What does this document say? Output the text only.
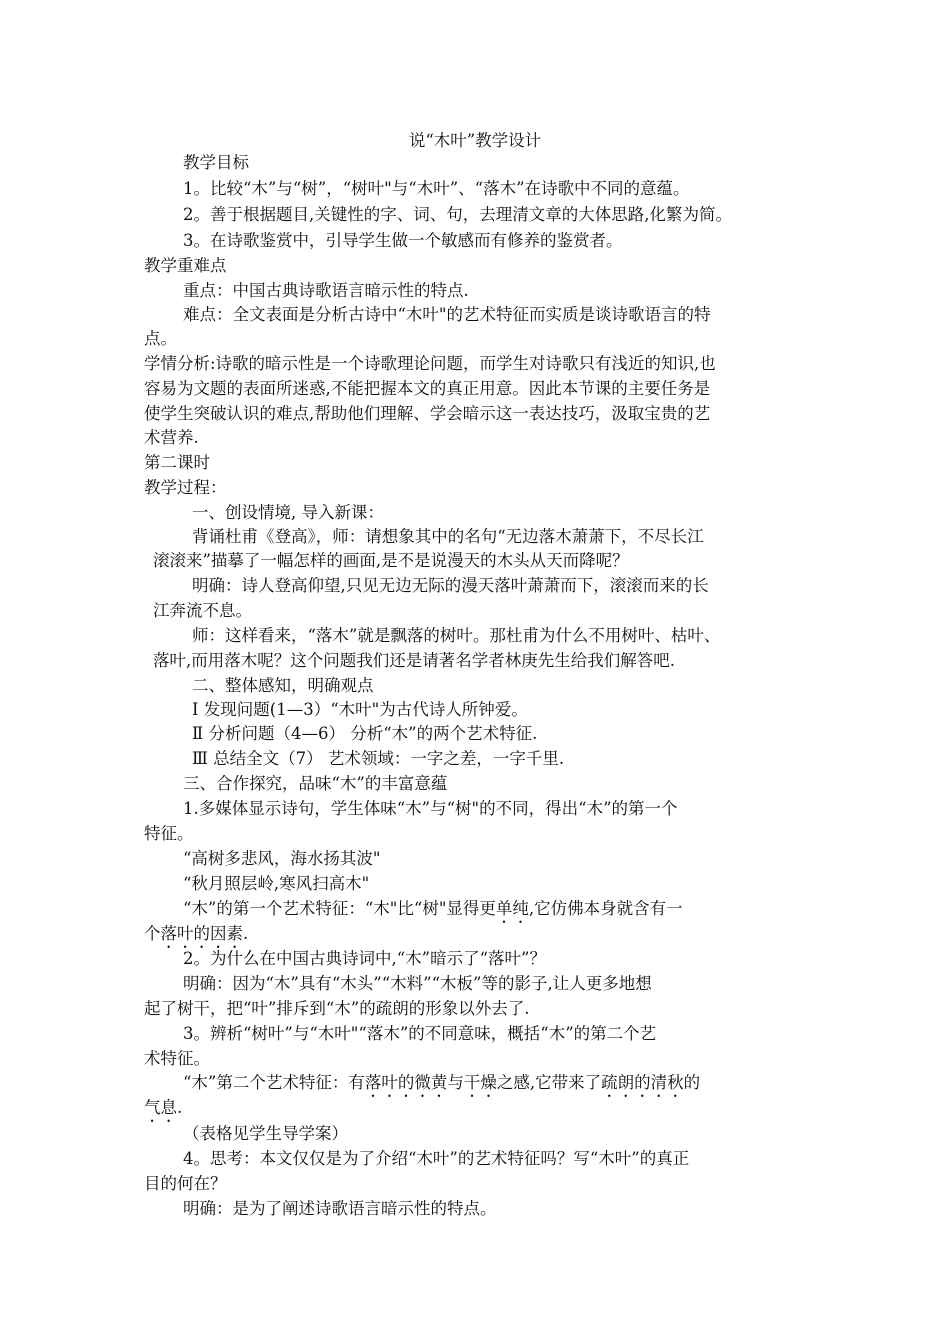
说“木叶”教学设计
教学目标
1。比较“木”与“树”，“树叶"与“木叶”、“落木”在诗歌中不同的意蕴。
2。善于根据题目,关键性的字、词、句，去理清文章的大体思路,化繁为简。
3。在诗歌鉴赏中，引导学生做一个敏感而有修养的鉴赏者。
教学重难点
重点：中国古典诗歌语言暗示性的特点.
难点：全文表面是分析古诗中“木叶"的艺术特征而实质是谈诗歌语言的特
点。
学情分析:诗歌的暗示性是一个诗歌理论问题，而学生对诗歌只有浅近的知识,也
容易为文题的表面所迷惑,不能把握本文的真正用意。因此本节课的主要任务是
使学生突破认识的难点,帮助他们理解、学会暗示这一表达技巧，汲取宝贵的艺
术营养.
第二课时
教学过程：
一、创设情境, 导入新课：
背诵杜甫《登高》，师：请想象其中的名句“无边落木萧萧下，不尽长江
滚滚来”描摹了一幅怎样的画面,是不是说漫天的木头从天而降呢？
明确：诗人登高仰望,只见无边无际的漫天落叶萧萧而下，滚滚而来的长
江奔流不息。
师：这样看来，“落木”就是飘落的树叶。那杜甫为什么不用树叶、枯叶、
落叶,而用落木呢？这个问题我们还是请著名学者林庚先生给我们解答吧.
二、整体感知，明确观点
Ⅰ 发现问题(1—3）“木叶"为古代诗人所钟爱。
Ⅱ 分析问题（4—6） 分析“木”的两个艺术特征.
Ⅲ 总结全文（7） 艺术领域：一字之差，一字千里.
三、合作探究，品味“木”的丰富意蕴
1.多媒体显示诗句，学生体味“木”与“树"的不同，得出“木”的第一个
特征。
“高树多悲风，海水扬其波"
“秋月照层岭,寒风扫高木"
“木”的第一个艺术特征：“木"比“树"显得更单纯,它仿佛本身就含有一
个落叶的因素.
2。为什么在中国古典诗词中,“木”暗示了“落叶”？
明确：因为“木”具有“木头”“木料”“木板”等的影子,让人更多地想
起了树干，把“叶”排斥到“木”的疏朗的形象以外去了.
3。辨析“树叶”与“木叶"“落木”的不同意味，概括“木”的第二个艺
术特征。
“木”第二个艺术特征：有落叶的微黄与干燥之感,它带来了疏朗的清秋的
气息.
（表格见学生导学案）
4。思考：本文仅仅是为了介绍“木叶”的艺术特征吗？写“木叶”的真正
目的何在？
明确：是为了阐述诗歌语言暗示性的特点。
